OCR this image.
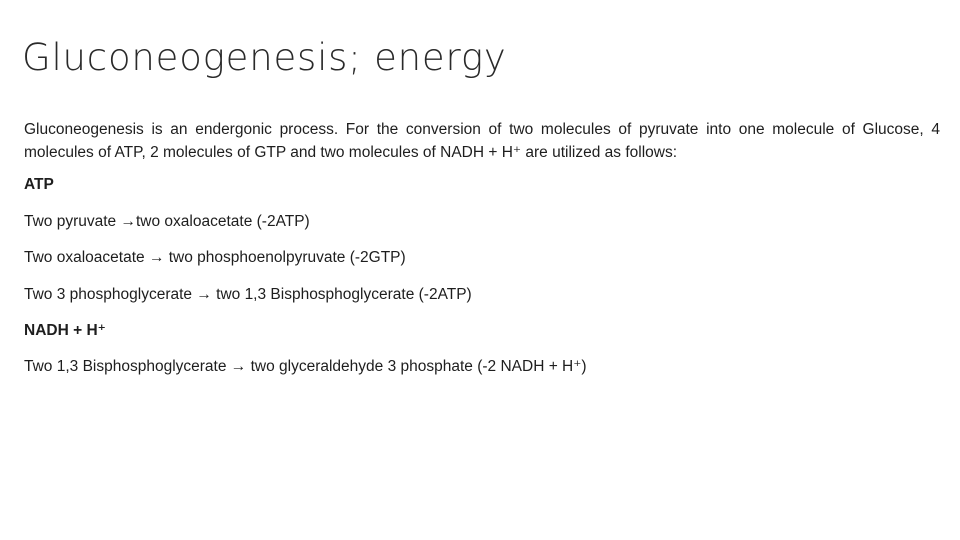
Gluconeogenesis; energy

Gluconeogenesis is an endergonic process. For the conversion of two molecules of pyruvate into one molecule of Glucose, 4 molecules of ATP, 2 molecules of GTP and two molecules of NADH + H⁺ are utilized as follows:

ATP

Two pyruvate →two oxaloacetate (-2ATP)

Two oxaloacetate → two phosphoenolpyruvate (-2GTP)

Two 3 phosphoglycerate → two 1,3 Bisphosphoglycerate (-2ATP)

NADH + H⁺

Two 1,3 Bisphosphoglycerate → two glyceraldehyde 3 phosphate (-2 NADH + H⁺)
